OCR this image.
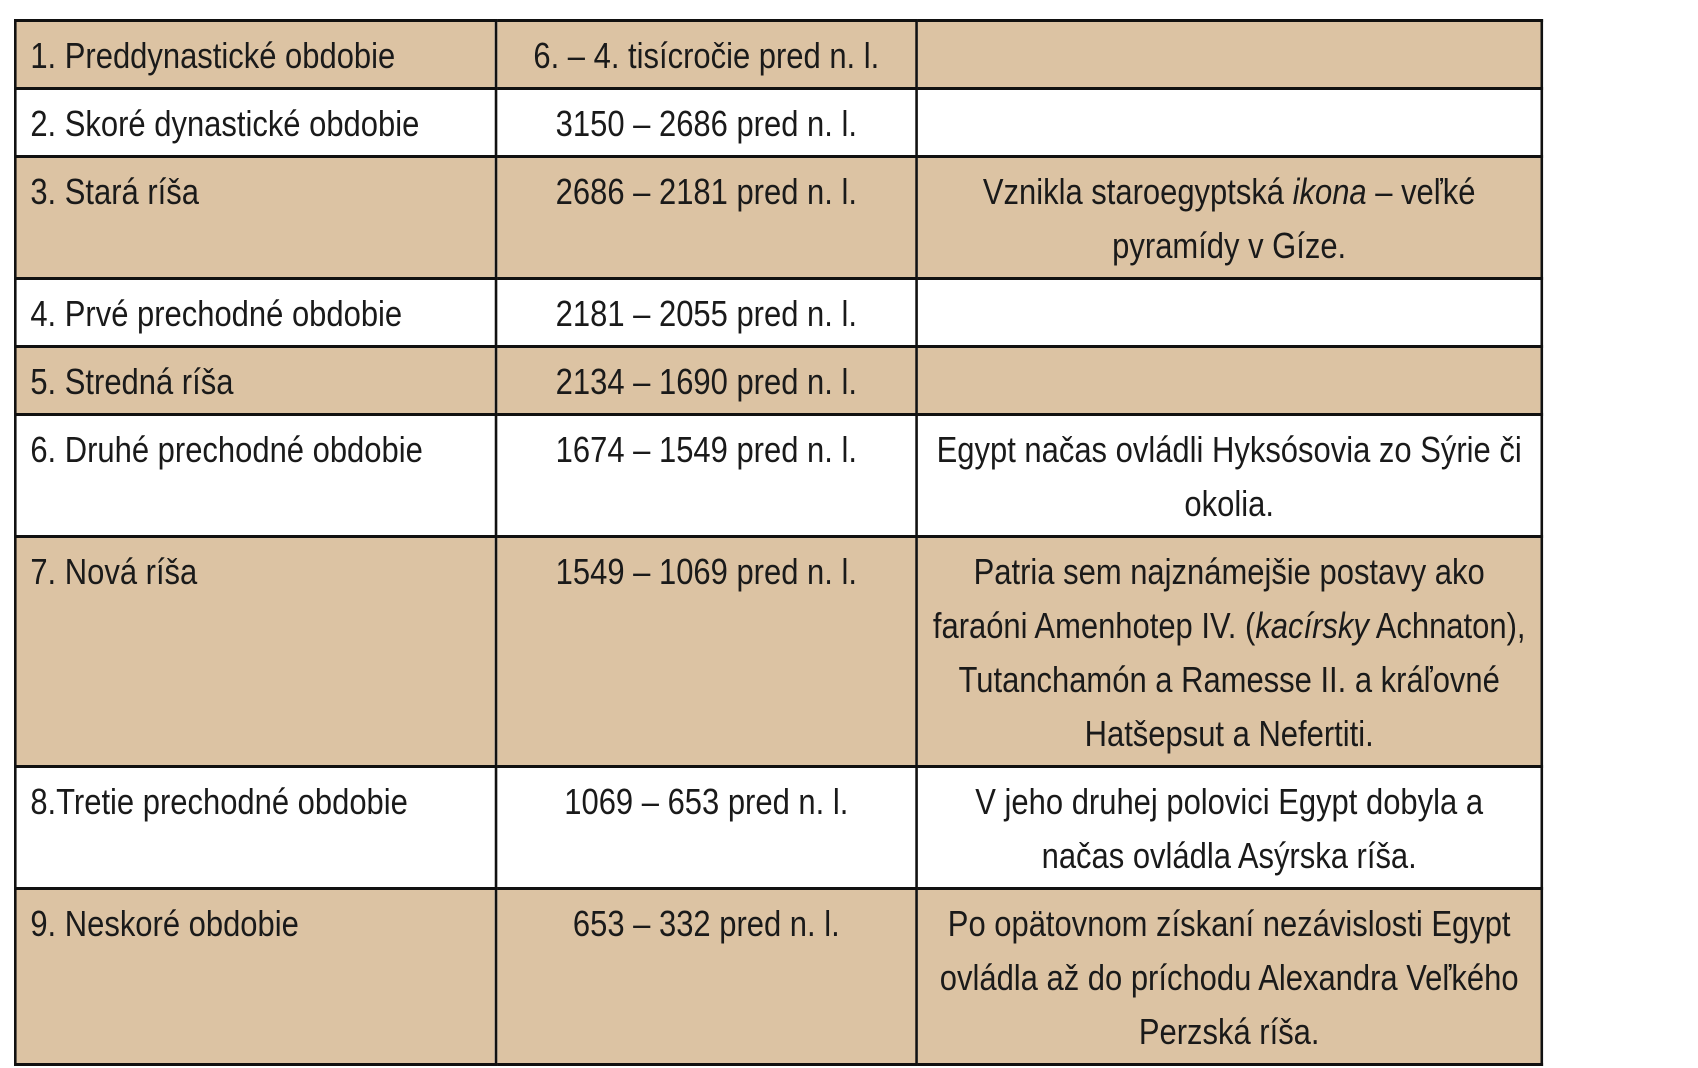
1. Preddynastické obdobie	6. – 4. tisícročie pred n. l.	
2. Skoré dynastické obdobie	3150 – 2686 pred n. l.	
3. Stará ríša	2686 – 2181 pred n. l.	Vznikla staroegyptská ikona – veľké pyramídy v Gíze.
4. Prvé prechodné obdobie	2181 – 2055 pred n. l.	
5. Stredná ríša	2134 – 1690 pred n. l.	
6. Druhé prechodné obdobie	1674 – 1549 pred n. l.	Egypt načas ovládli Hyksósovia zo Sýrie či okolia.
7. Nová ríša	1549 – 1069 pred n. l.	Patria sem najznámejšie postavy ako faraóni Amenhotep IV. (kacírsky Achnaton), Tutanchamón a Ramesse II. a kráľovné Hatšepsut a Nefertiti.
8.Tretie prechodné obdobie	1069 – 653 pred n. l.	V jeho druhej polovici Egypt dobyla a načas ovládla Asýrska ríša.
9. Neskoré obdobie	653 – 332 pred n. l.	Po opätovnom získaní nezávislosti Egypt ovládla až do príchodu Alexandra Veľkého Perzská ríša.
